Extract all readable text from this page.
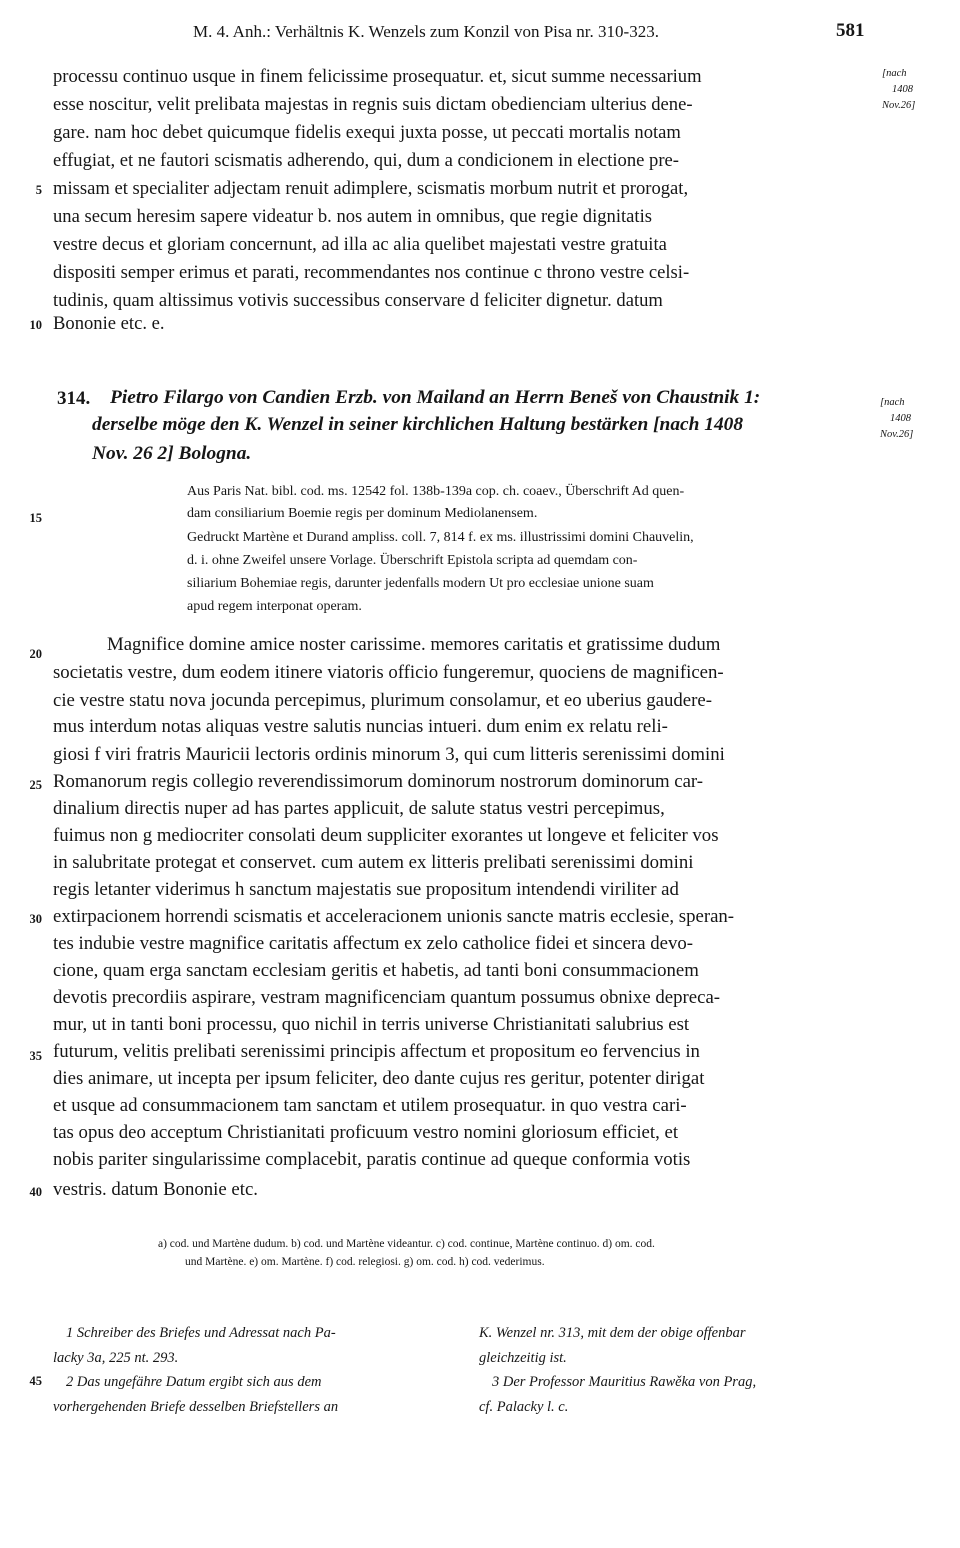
M. 4. Anh.: Verhältnis K. Wenzels zum Konzil von Pisa nr. 310-323.	581
[nach
1408
Nov.26]
[nach
1408
Nov.26]
5
10
15
20
25
30
35
40
45
processu continuo usque in finem felicissime prosequatur. et, sicut summe necessarium
esse noscitur, velit prelibata majestas in regnis suis dictam obedienciam ulterius dene-
gare. nam hoc debet quicumque fidelis exequi juxta posse, ut peccati mortalis notam
effugiat, et ne fautori scismatis adherendo, qui, dum a condicionem in electione pre-
missam et specialiter adjectam renuit adimplere, scismatis morbum nutrit et prorogat,
una secum heresim sapere videatur b. nos autem in omnibus, que regie dignitatis
vestre decus et gloriam concernunt, ad illa ac alia quelibet majestati vestre gratuita
dispositi semper erimus et parati, recommendantes nos continue c throno vestre celsi-
tudinis, quam altissimus votivis successibus conservare d feliciter dignetur. datum
Bononie etc. e.
314. Pietro Filargo von Candien Erzb. von Mailand an Herrn Beneš von Chaustnik 1:
derselbe möge den K. Wenzel in seiner kirchlichen Haltung bestärken [nach 1408
Nov. 26 2] Bologna.
Aus Paris Nat. bibl. cod. ms. 12542 fol. 138b-139a cop. ch. coaev., Überschrift Ad quen-
dam consiliarium Boemie regis per dominum Mediolanensem.
Gedruckt Martène et Durand ampliss. coll. 7, 814 f. ex ms. illustrissimi domini Chauvelin,
d. i. ohne Zweifel unsere Vorlage. Überschrift Epistola scripta ad quemdam con-
siliarium Bohemiae regis, darunter jedenfalls modern Ut pro ecclesiae unione suam
apud regem interponat operam.
Magnifice domine amice noster carissime. memores caritatis et gratissime dudum
societatis vestre, dum eodem itinere viatoris officio fungeremur, quociens de magnificen-
cie vestre statu nova jocunda percepimus, plurimum consolamur, et eo uberius gaudere-
mus interdum notas aliquas vestre salutis nuncias intueri. dum enim ex relatu reli-
giosi f viri fratris Mauricii lectoris ordinis minorum 3, qui cum litteris serenissimi domini
Romanorum regis collegio reverendissimorum dominorum nostrorum dominorum car-
dinalium directis nuper ad has partes applicuit, de salute status vestri percepimus,
fuimus non g mediocriter consolati deum suppliciter exorantes ut longeve et feliciter vos
in salubritate protegat et conservet. cum autem ex litteris prelibati serenissimi domini
regis letanter viderimus h sanctum majestatis sue propositum intendendi viriliter ad
extirpacionem horrendi scismatis et acceleracionem unionis sancte matris ecclesie, speran-
tes indubie vestre magnifice caritatis affectum ex zelo catholice fidei et sincera devo-
cione, quam erga sanctam ecclesiam geritis et habetis, ad tanti boni consummacionem
devotis precordiis aspirare, vestram magnificenciam quantum possumus obnixe depreca-
mur, ut in tanti boni processu, quo nichil in terris universe Christianitati salubrius est
futurum, velitis prelibati serenissimi principis affectum et propositum eo fervencius in
dies animare, ut incepta per ipsum feliciter, deo dante cujus res geritur, potenter dirigat
et usque ad consummacionem tam sanctam et utilem prosequatur. in quo vestra cari-
tas opus deo acceptum Christianitati proficuum vestro nomini gloriosum efficiet, et
nobis pariter singularissime complacebit, paratis continue ad queque conformia votis
vestris. datum Bononie etc.
a) cod. und Martène dudum. b) cod. und Martène videantur. c) cod. continue, Martène continuo. d) om. cod.
und Martène. e) om. Martène. f) cod. relegiosi. g) om. cod. h) cod. vederimus.
1 Schreiber des Briefes und Adressat nach Pa-
lacky 3a, 225 nt. 293.
2 Das ungefähre Datum ergibt sich aus dem
vorhergehenden Briefe desselben Briefstellers an
K. Wenzel nr. 313, mit dem der obige offenbar
gleichzeitig ist.
3 Der Professor Mauritius Rawěka von Prag,
cf. Palacky l. c.
